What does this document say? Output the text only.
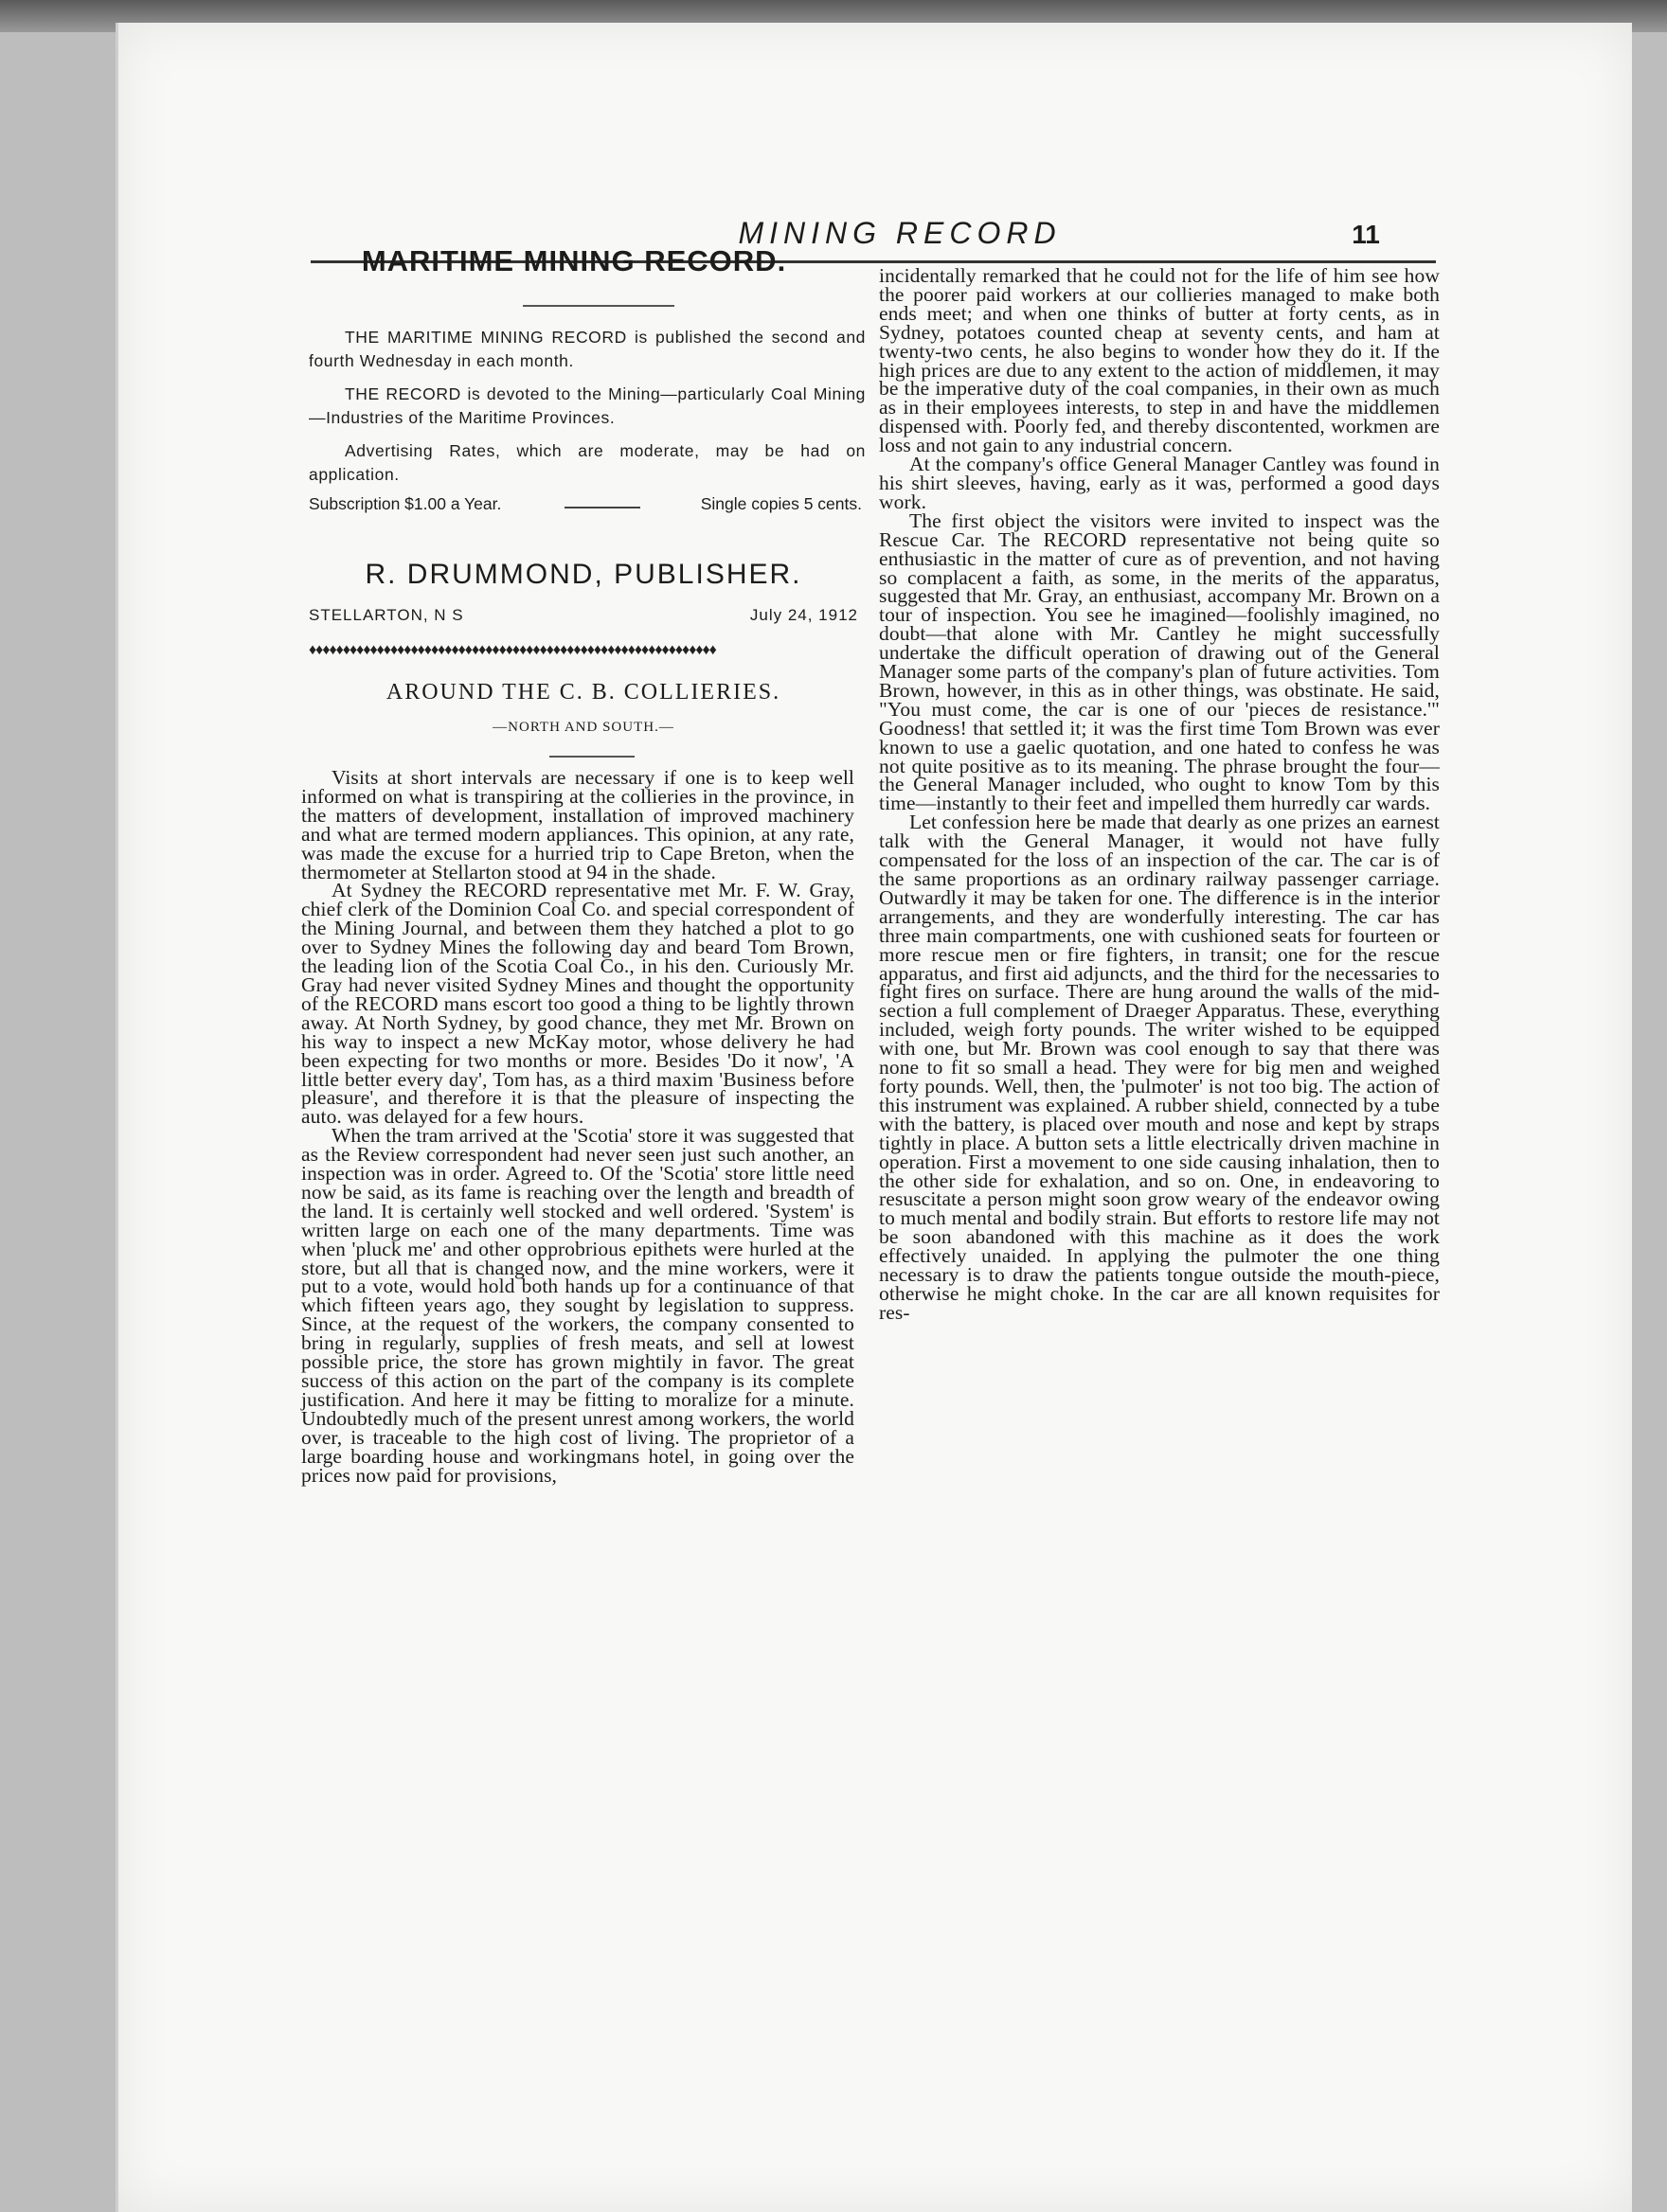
MINING RECORD	11
MARITIME MINING RECORD.

THE MARITIME MINING RECORD is published the second and fourth Wednesday in each month.

THE RECORD is devoted to the Mining—particularly Coal Mining—Industries of the Maritime Provinces.

Advertising Rates, which are moderate, may be had on application.

Subscription $1.00 a Year.	Single copies 5 cents.
R. DRUMMOND, PUBLISHER.
STELLARTON, N S	July 24, 1912
♦♦♦♦♦♦♦♦♦♦♦♦♦♦♦♦♦♦♦♦♦♦♦♦♦♦♦♦♦♦♦♦♦♦♦♦♦♦♦♦♦♦♦♦♦♦♦♦♦♦♦♦♦♦♦♦♦♦♦♦
AROUND THE C. B. COLLIERIES.
—NORTH AND SOUTH.—

Visits at short intervals are necessary if one is to keep well informed on what is transpiring at the collieries in the province, in the matters of development, installation of improved machinery and what are termed modern appliances. This opinion, at any rate, was made the excuse for a hurried trip to Cape Breton, when the thermometer at Stellarton stood at 94 in the shade.

At Sydney the RECORD representative met Mr. F. W. Gray, chief clerk of the Dominion Coal Co. and special correspondent of the Mining Journal, and between them they hatched a plot to go over to Sydney Mines the following day and beard Tom Brown, the leading lion of the Scotia Coal Co., in his den. Curiously Mr. Gray had never visited Sydney Mines and thought the opportunity of the RECORD mans escort too good a thing to be lightly thrown away. At North Sydney, by good chance, they met Mr. Brown on his way to inspect a new McKay motor, whose delivery he had been expecting for two months or more. Besides 'Do it now', 'A little better every day', Tom has, as a third maxim 'Business before pleasure', and therefore it is that the pleasure of inspecting the auto. was delayed for a few hours.

When the tram arrived at the 'Scotia' store it was suggested that as the Review correspondent had never seen just such another, an inspection was in order. Agreed to. Of the 'Scotia' store little need now be said, as its fame is reaching over the length and breadth of the land. It is certainly well stocked and well ordered. 'System' is written large on each one of the many departments. Time was when 'pluck me' and other opprobrious epithets were hurled at the store, but all that is changed now, and the mine workers, were it put to a vote, would hold both hands up for a continuance of that which fifteen years ago, they sought by legislation to suppress. Since, at the request of the workers, the company consented to bring in regularly, supplies of fresh meats, and sell at lowest possible price, the store has grown mightily in favor. The great success of this action on the part of the company is its complete justification. And here it may be fitting to moralize for a minute. Undoubtedly much of the present unrest among workers, the world over, is traceable to the high cost of living. The proprietor of a large boarding house and workingmans hotel, in going over the prices now paid for provisions,

incidentally remarked that he could not for the life of him see how the poorer paid workers at our collieries managed to make both ends meet; and when one thinks of butter at forty cents, as in Sydney, potatoes counted cheap at seventy cents, and ham at twenty-two cents, he also begins to wonder how they do it. If the high prices are due to any extent to the action of middlemen, it may be the imperative duty of the coal companies, in their own as much as in their employees interests, to step in and have the middlemen dispensed with. Poorly fed, and thereby discontented, workmen are loss and not gain to any industrial concern.

At the company's office General Manager Cantley was found in his shirt sleeves, having, early as it was, performed a good days work.

The first object the visitors were invited to inspect was the Rescue Car. The RECORD representative not being quite so enthusiastic in the matter of cure as of prevention, and not having so complacent a faith, as some, in the merits of the apparatus, suggested that Mr. Gray, an enthusiast, accompany Mr. Brown on a tour of inspection. You see he imagined—foolishly imagined, no doubt—that alone with Mr. Cantley he might successfully undertake the difficult operation of drawing out of the General Manager some parts of the company's plan of future activities. Tom Brown, however, in this as in other things, was obstinate. He said, "You must come, the car is one of our 'pieces de resistance.'" Goodness! that settled it; it was the first time Tom Brown was ever known to use a gaelic quotation, and one hated to confess he was not quite positive as to its meaning. The phrase brought the four—the General Manager included, who ought to know Tom by this time—instantly to their feet and impelled them hurredly car wards.

Let confession here be made that dearly as one prizes an earnest talk with the General Manager, it would not have fully compensated for the loss of an inspection of the car. The car is of the same proportions as an ordinary railway passenger carriage. Outwardly it may be taken for one. The difference is in the interior arrangements, and they are wonderfully interesting. The car has three main compartments, one with cushioned seats for fourteen or more rescue men or fire fighters, in transit; one for the rescue apparatus, and first aid adjuncts, and the third for the necessaries to fight fires on surface. There are hung around the walls of the mid-section a full complement of Draeger Apparatus. These, everything included, weigh forty pounds. The writer wished to be equipped with one, but Mr. Brown was cool enough to say that there was none to fit so small a head. They were for big men and weighed forty pounds. Well, then, the 'pulmoter' is not too big. The action of this instrument was explained. A rubber shield, connected by a tube with the battery, is placed over mouth and nose and kept by straps tightly in place. A button sets a little electrically driven machine in operation. First a movement to one side causing inhalation, then to the other side for exhalation, and so on. One, in endeavoring to resuscitate a person might soon grow weary of the endeavor owing to much mental and bodily strain. But efforts to restore life may not be soon abandoned with this machine as it does the work effectively unaided. In applying the pulmoter the one thing necessary is to draw the patients tongue outside the mouth-piece, otherwise he might choke. In the car are all known requisites for res-
